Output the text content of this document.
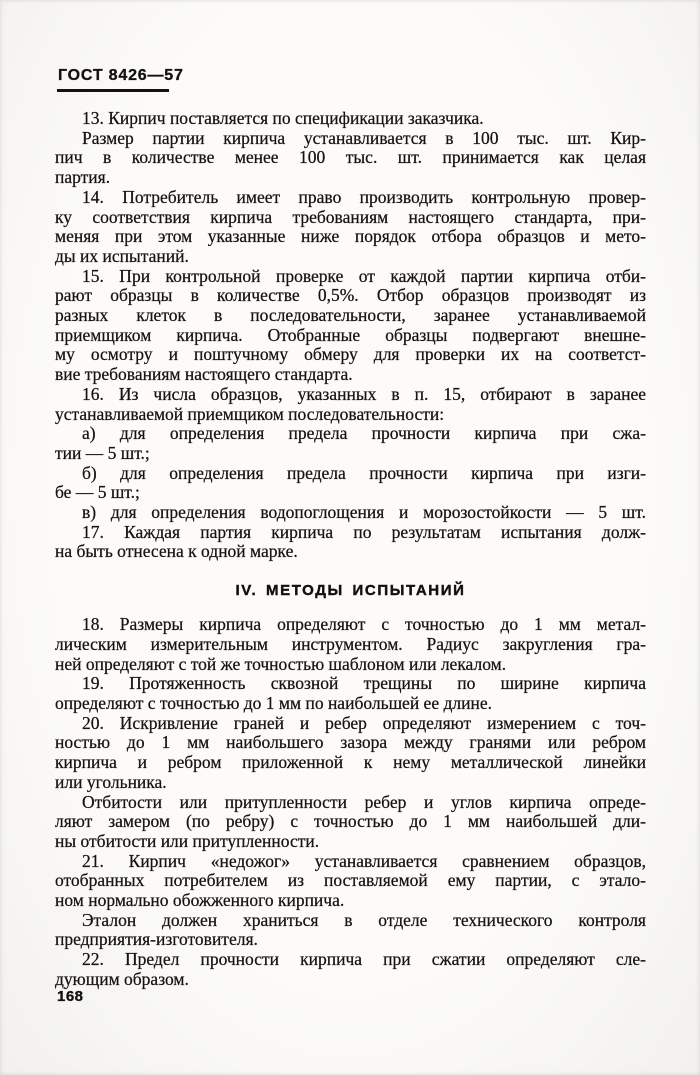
ГОСТ 8426—57

13. Кирпич поставляется по спецификации заказчика.

Размер партии кирпича устанавливается в 100 тыс. шт. Кир-
пич в количестве менее 100 тыс. шт. принимается как целая
партия.

14. Потребитель имеет право производить контрольную провер-
ку соответствия кирпича требованиям настоящего стандарта, при-
меняя при этом указанные ниже порядок отбора образцов и мето-
ды их испытаний.

15. При контрольной проверке от каждой партии кирпича отби-
рают образцы в количестве 0,5%. Отбор образцов производят из
разных клеток в последовательности, заранее устанавливаемой
приемщиком кирпича. Отобранные образцы подвергают внешне-
му осмотру и поштучному обмеру для проверки их на соответст-
вие требованиям настоящего стандарта.

16. Из числа образцов, указанных в п. 15, отбирают в заранее
устанавливаемой приемщиком последовательности:

а) для определения предела прочности кирпича при сжа-
тии — 5 шт.;

б) для определения предела прочности кирпича при изги-
бе — 5 шт.;

в) для определения водопоглощения и морозостойкости — 5 шт.

17. Каждая партия кирпича по результатам испытания долж-
на быть отнесена к одной марке.

IV. МЕТОДЫ ИСПЫТАНИЙ

18. Размеры кирпича определяют с точностью до 1 мм метал-
лическим измерительным инструментом. Радиус закругления гра-
ней определяют с той же точностью шаблоном или лекалом.

19. Протяженность сквозной трещины по ширине кирпича
определяют с точностью до 1 мм по наибольшей ее длине.

20. Искривление граней и ребер определяют измерением с точ-
ностью до 1 мм наибольшего зазора между гранями или ребром
кирпича и ребром приложенной к нему металлической линейки
или угольника.

Отбитости или притупленности ребер и углов кирпича опреде-
ляют замером (по ребру) с точностью до 1 мм наибольшей дли-
ны отбитости или притупленности.

21. Кирпич «недожог» устанавливается сравнением образцов,
отобранных потребителем из поставляемой ему партии, с этало-
ном нормально обожженного кирпича.

Эталон должен храниться в отделе технического контроля
предприятия-изготовителя.

22. Предел прочности кирпича при сжатии определяют сле-
дующим образом.

168
